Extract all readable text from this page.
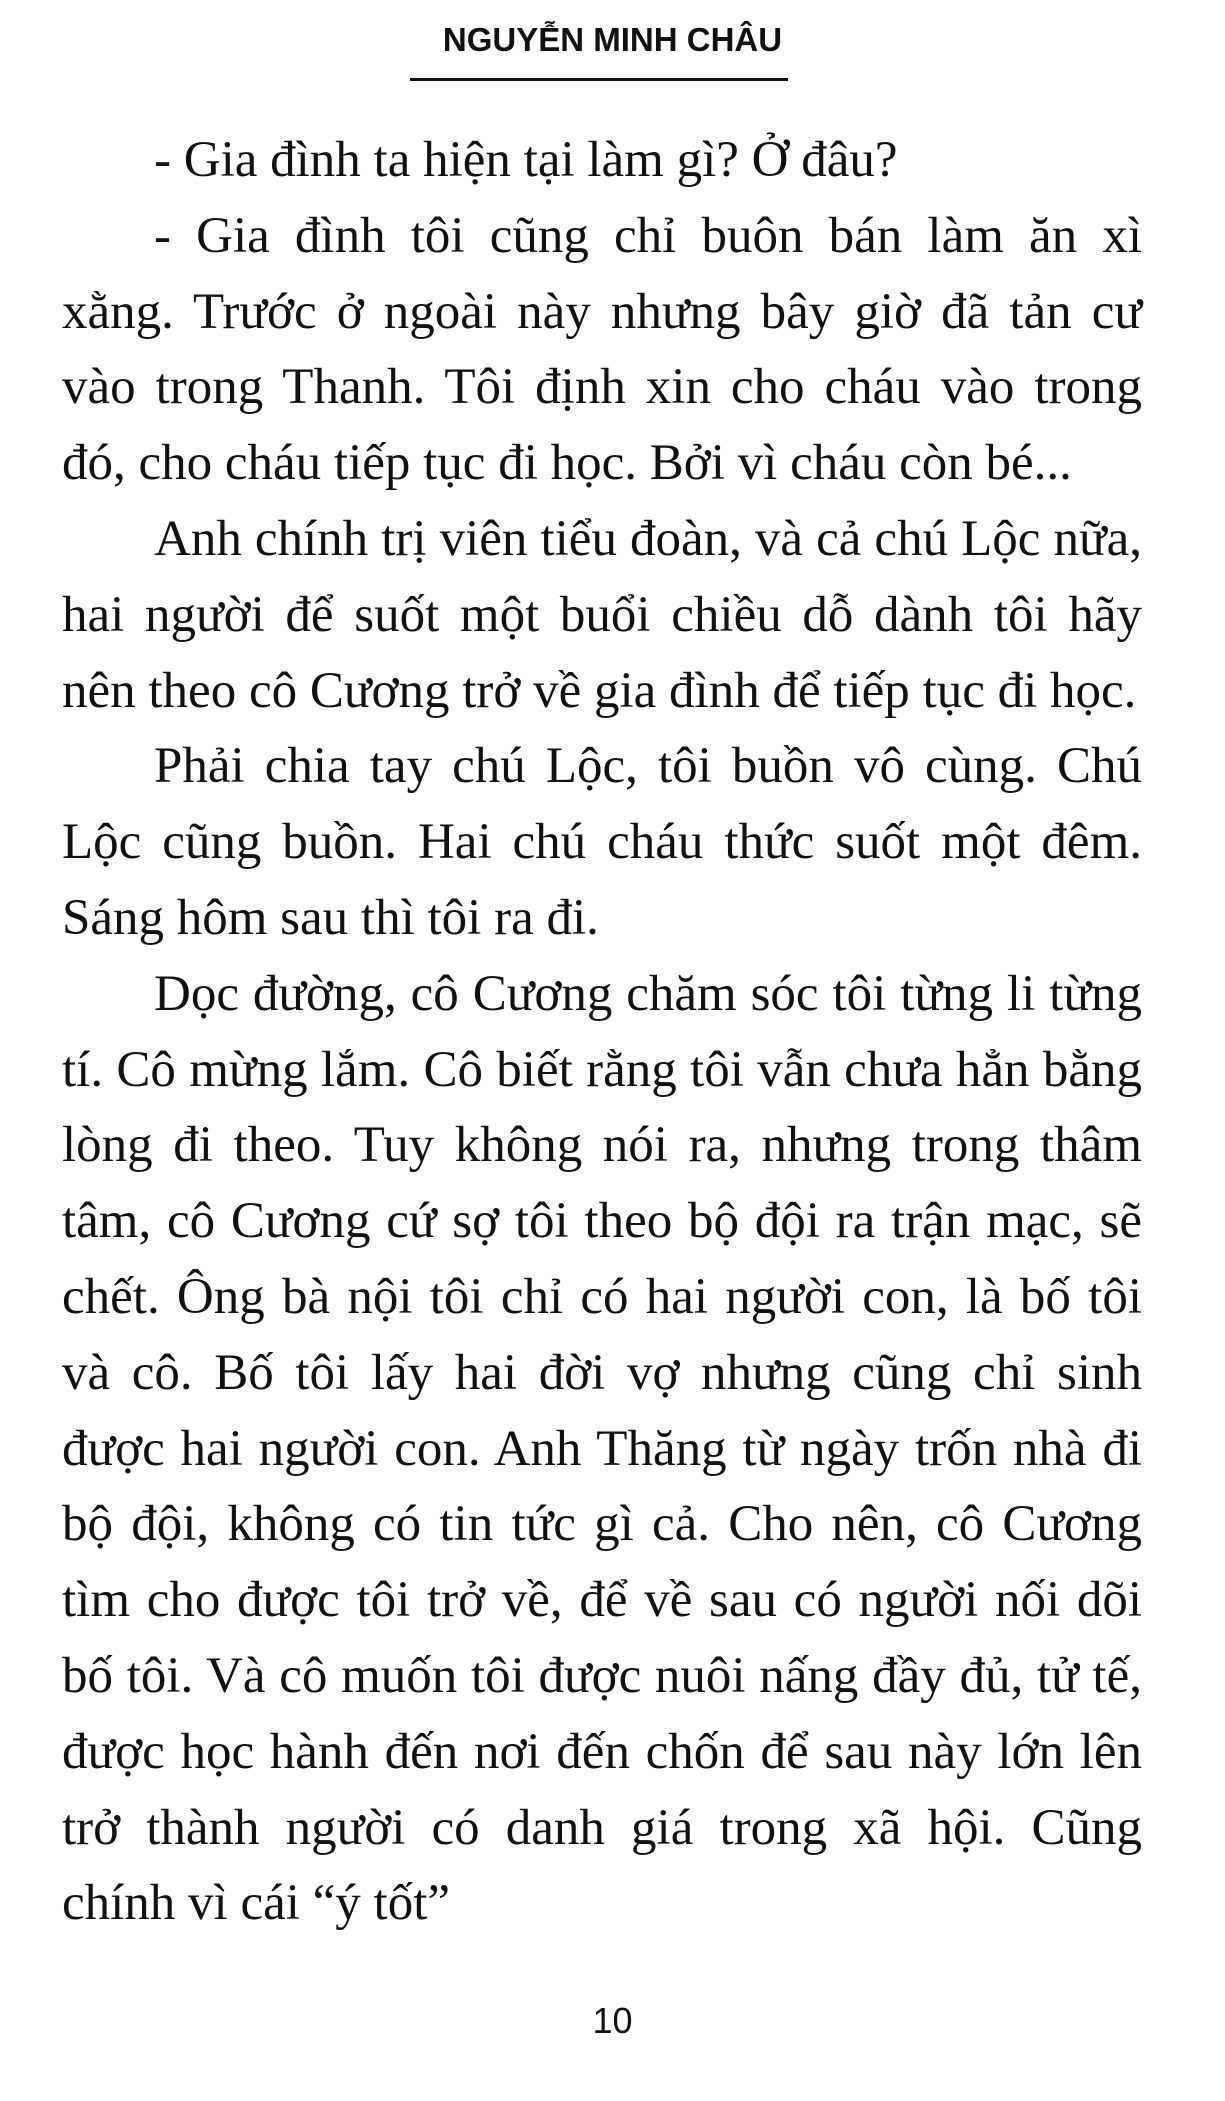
NGUYỄN MINH CHÂU

- Gia đình ta hiện tại làm gì? Ở đâu?

- Gia đình tôi cũng chỉ buôn bán làm ăn xì xằng. Trước ở ngoài này nhưng bây giờ đã tản cư vào trong Thanh. Tôi định xin cho cháu vào trong đó, cho cháu tiếp tục đi học. Bởi vì cháu còn bé...

Anh chính trị viên tiểu đoàn, và cả chú Lộc nữa, hai người để suốt một buổi chiều dỗ dành tôi hãy nên theo cô Cương trở về gia đình để tiếp tục đi học.

Phải chia tay chú Lộc, tôi buồn vô cùng. Chú Lộc cũng buồn. Hai chú cháu thức suốt một đêm. Sáng hôm sau thì tôi ra đi.

Dọc đường, cô Cương chăm sóc tôi từng li từng tí. Cô mừng lắm. Cô biết rằng tôi vẫn chưa hẳn bằng lòng đi theo. Tuy không nói ra, nhưng trong thâm tâm, cô Cương cứ sợ tôi theo bộ đội ra trận mạc, sẽ chết. Ông bà nội tôi chỉ có hai người con, là bố tôi và cô. Bố tôi lấy hai đời vợ nhưng cũng chỉ sinh được hai người con. Anh Thăng từ ngày trốn nhà đi bộ đội, không có tin tức gì cả. Cho nên, cô Cương tìm cho được tôi trở về, để về sau có người nối dõi bố tôi. Và cô muốn tôi được nuôi nấng đầy đủ, tử tế, được học hành đến nơi đến chốn để sau này lớn lên trở thành người có danh giá trong xã hội. Cũng chính vì cái “ý tốt”

10
